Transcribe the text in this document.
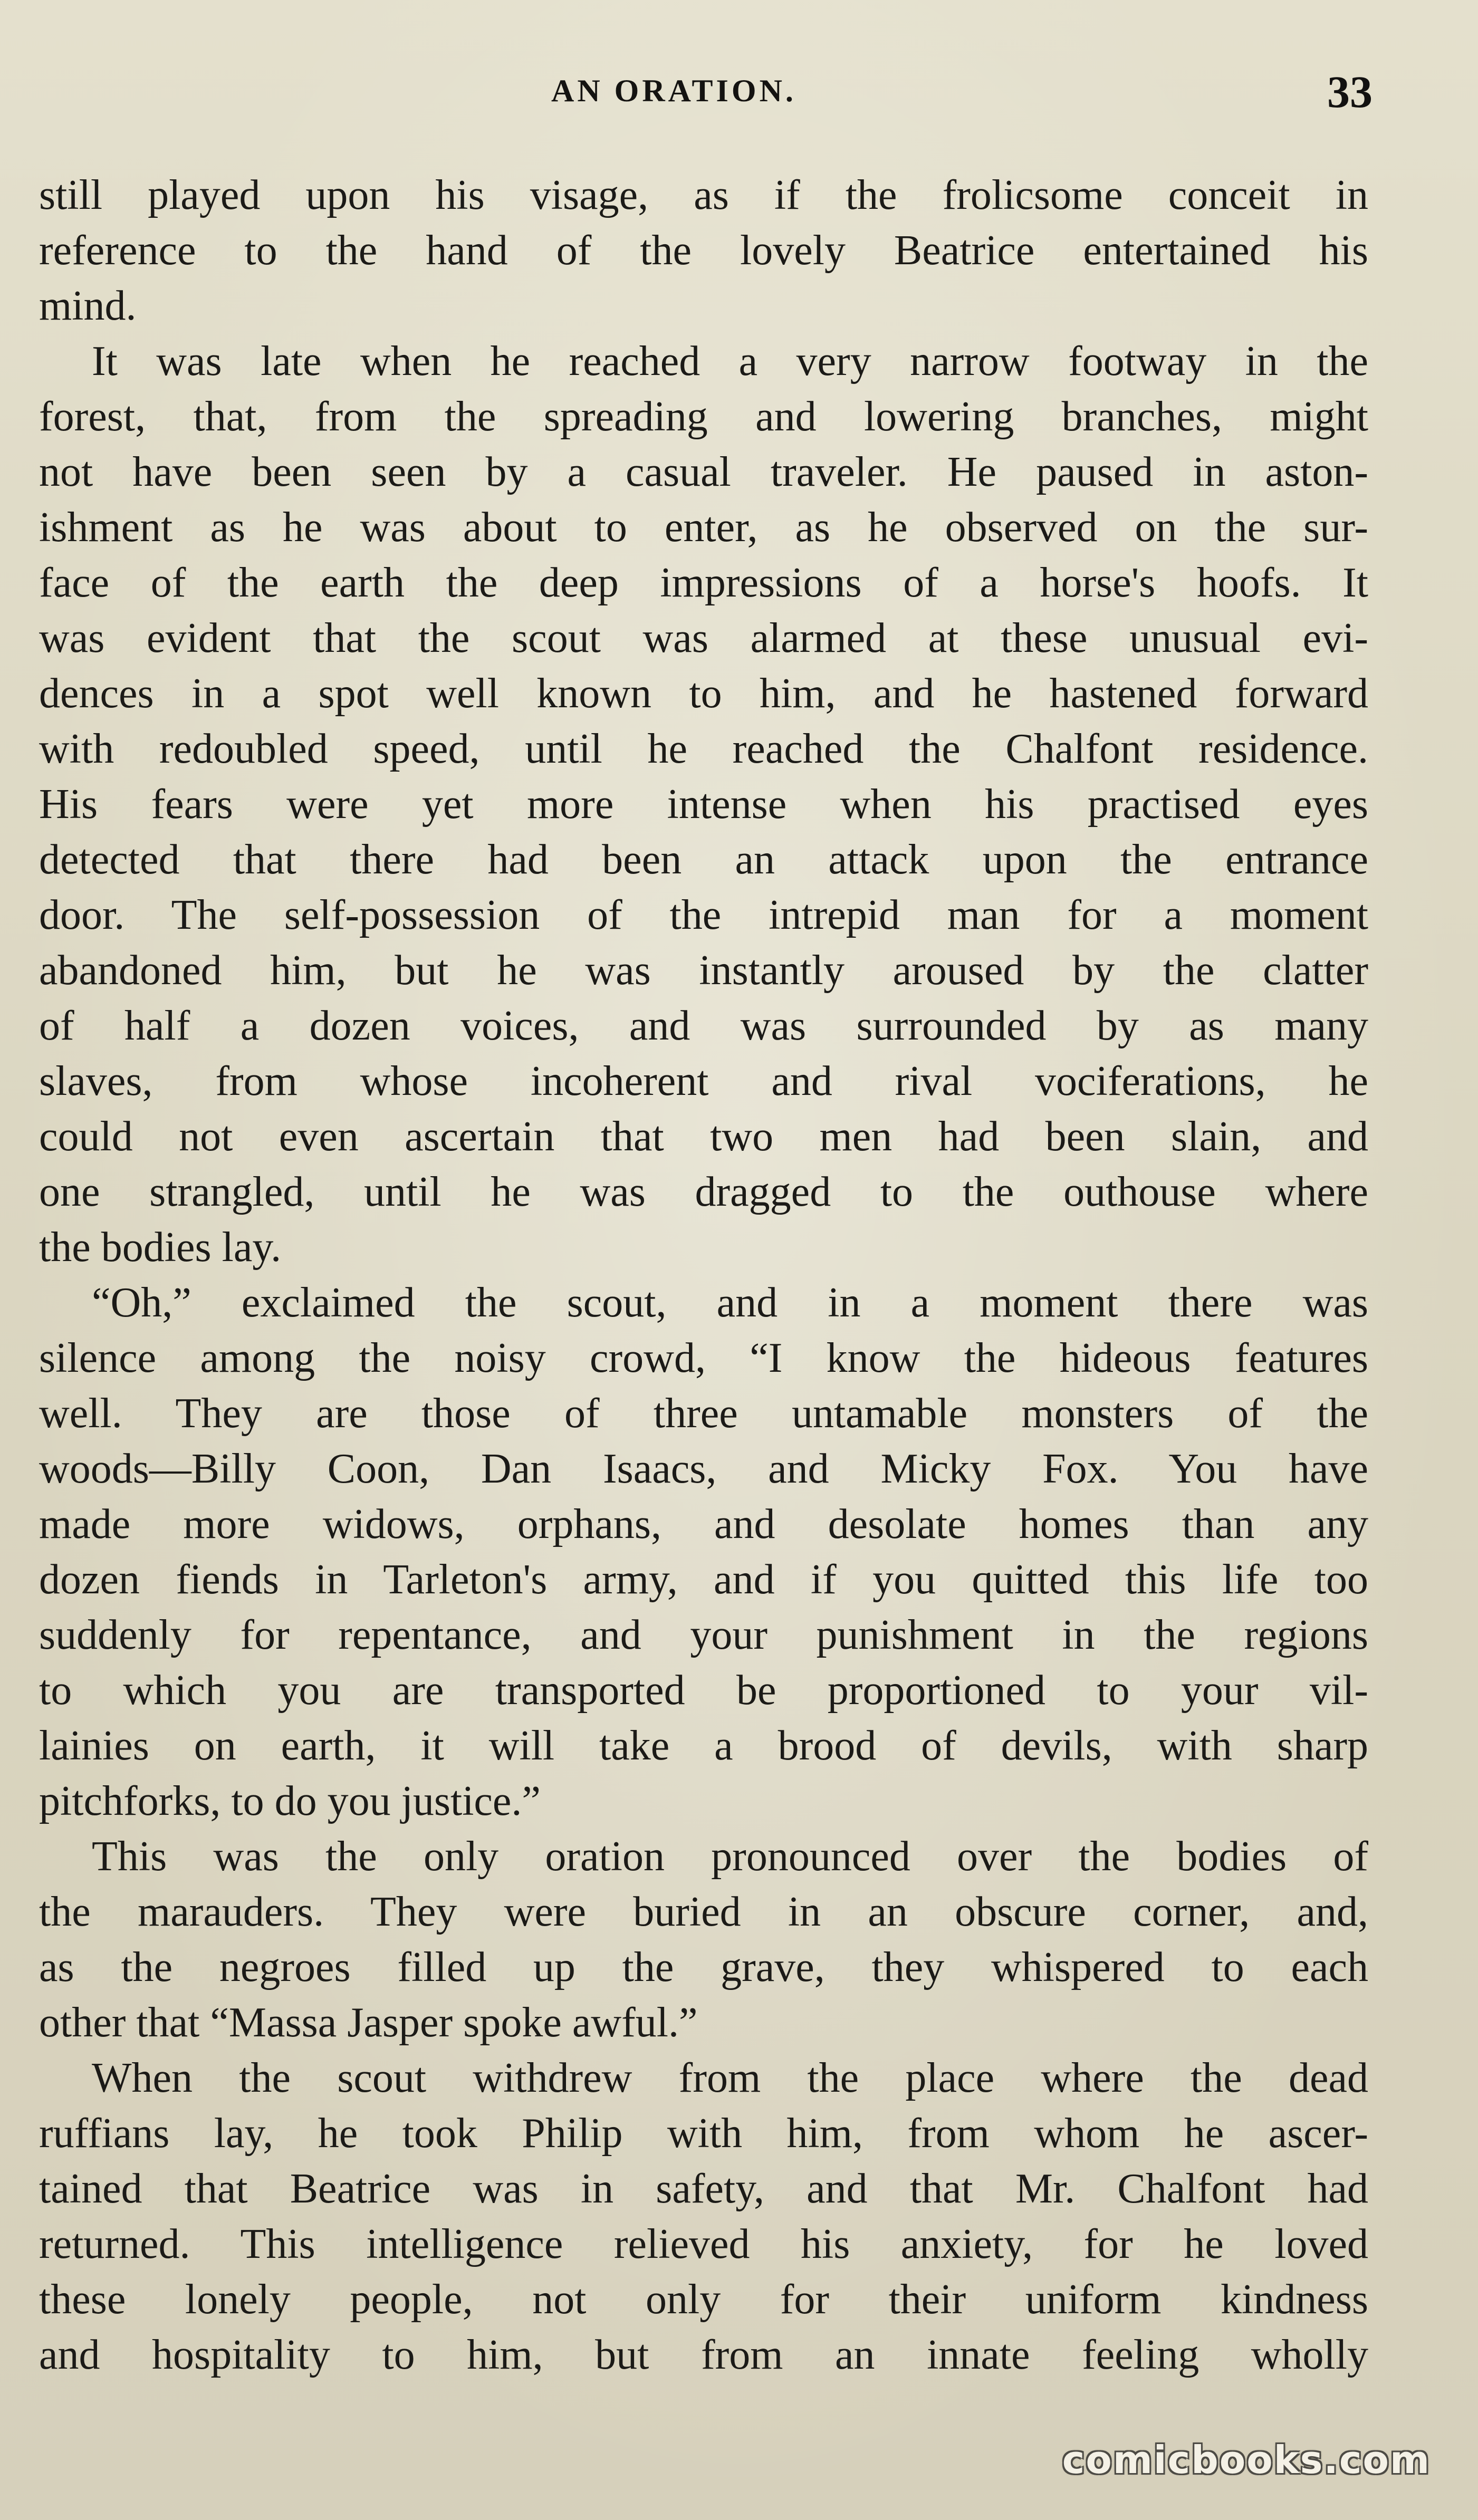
AN ORATION.	33
still played upon his visage, as if the frolicsome conceit in
reference to the hand of the lovely Beatrice entertained his
mind.
It was late when he reached a very narrow footway in the
forest, that, from the spreading and lowering branches, might
not have been seen by a casual traveler. He paused in aston-
ishment as he was about to enter, as he observed on the sur-
face of the earth the deep impressions of a horse's hoofs. It
was evident that the scout was alarmed at these unusual evi-
dences in a spot well known to him, and he hastened forward
with redoubled speed, until he reached the Chalfont residence.
His fears were yet more intense when his practised eyes
detected that there had been an attack upon the entrance
door. The self-possession of the intrepid man for a moment
abandoned him, but he was instantly aroused by the clatter
of half a dozen voices, and was surrounded by as many
slaves, from whose incoherent and rival vociferations, he
could not even ascertain that two men had been slain, and
one strangled, until he was dragged to the outhouse where
the bodies lay.
“Oh,” exclaimed the scout, and in a moment there was
silence among the noisy crowd, “I know the hideous features
well. They are those of three untamable monsters of the
woods—Billy Coon, Dan Isaacs, and Micky Fox. You have
made more widows, orphans, and desolate homes than any
dozen fiends in Tarleton's army, and if you quitted this life too
suddenly for repentance, and your punishment in the regions
to which you are transported be proportioned to your vil-
lainies on earth, it will take a brood of devils, with sharp
pitchforks, to do you justice.”
This was the only oration pronounced over the bodies of
the marauders. They were buried in an obscure corner, and,
as the negroes filled up the grave, they whispered to each
other that “Massa Jasper spoke awful.”
When the scout withdrew from the place where the dead
ruffians lay, he took Philip with him, from whom he ascer-
tained that Beatrice was in safety, and that Mr. Chalfont had
returned. This intelligence relieved his anxiety, for he loved
these lonely people, not only for their uniform kindness
and hospitality to him, but from an innate feeling wholly
comicbooks.com
